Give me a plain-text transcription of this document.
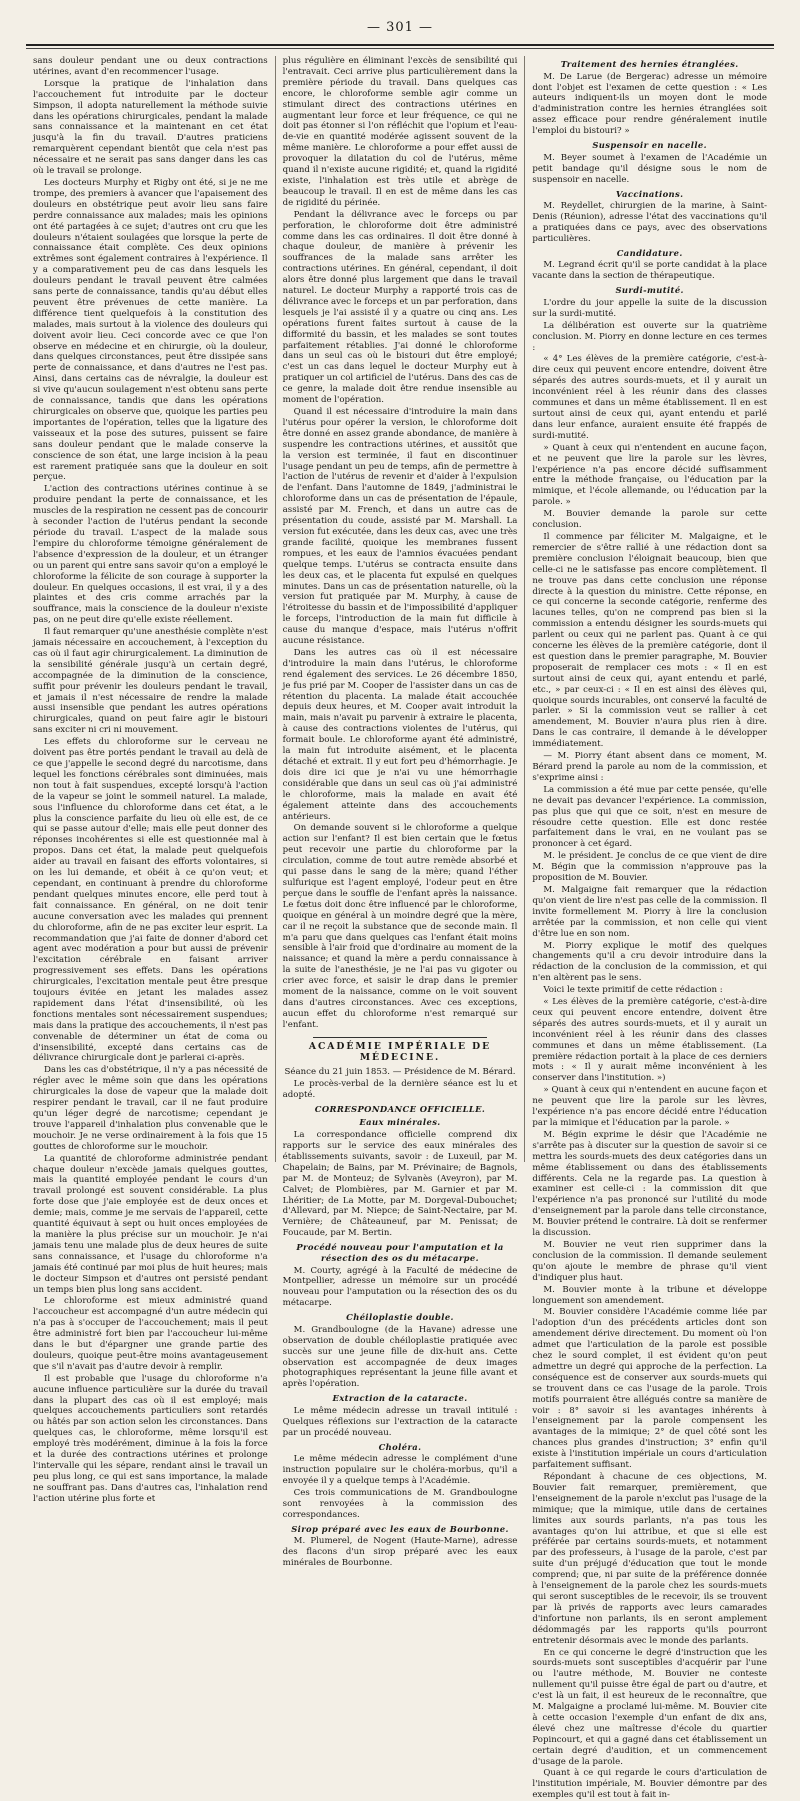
— 301 —

sans douleur pendant une ou deux contractions utérines, avant d'en recommencer l'usage.

Lorsque la pratique de l'inhalation dans l'accouchement fut introduite par le docteur Simpson, il adopta naturellement la méthode suivie dans les opérations chirurgicales, pendant la malade sans connaissance et la maintenant en cet état jusqu'à la fin du travail. D'autres praticiens remarquèrent cependant bientôt que cela n'est pas nécessaire et ne serait pas sans danger dans les cas où le travail se prolonge.

Les docteurs Murphy et Rigby ont été, si je ne me trompe, des premiers à avancer que l'apaisement des douleurs en obstétrique peut avoir lieu sans faire perdre connaissance aux malades; mais les opinions ont été partagées à ce sujet; d'autres ont cru que les douleurs n'étaient soulagées que lorsque la perte de connaissance était complète. Ces deux opinions extrêmes sont également contraires à l'expérience. Il y a comparativement peu de cas dans lesquels les douleurs pendant le travail peuvent être calmées sans perte de connaissance, tandis qu'au début elles peuvent être prévenues de cette manière. La différence tient quelquefois à la constitution des malades, mais surtout à la violence des douleurs qui doivent avoir lieu. Ceci concorde avec ce que l'on observe en médecine et en chirurgie, où la douleur, dans quelques circonstances, peut être dissipée sans perte de connaissance, et dans d'autres ne l'est pas. Ainsi, dans certains cas de névralgie, la douleur est si vive qu'aucun soulagement n'est obtenu sans perte de connaissance, tandis que dans les opérations chirurgicales on observe que, quoique les parties peu importantes de l'opération, telles que la ligature des vaisseaux et la pose des sutures, puissent se faire sans douleur pendant que le malade conserve la conscience de son état, une large incision à la peau est rarement pratiquée sans que la douleur en soit perçue.

L'action des contractions utérines continue à se produire pendant la perte de connaissance, et les muscles de la respiration ne cessent pas de concourir à seconder l'action de l'utérus pendant la seconde période du travail. L'aspect de la malade sous l'empire du chloroforme témoigne généralement de l'absence d'expression de la douleur, et un étranger ou un parent qui entre sans savoir qu'on a employé le chloroforme la félicite de son courage à supporter la douleur. En quelques occasions, il est vrai, il y a des plaintes et des cris comme arrachés par la souffrance, mais la conscience de la douleur n'existe pas, on ne peut dire qu'elle existe réellement.

Il faut remarquer qu'une anesthésie complète n'est jamais nécessaire en accouchement, à l'exception du cas où il faut agir chirurgicalement. La diminution de la sensibilité générale jusqu'à un certain degré, accompagnée de la diminution de la conscience, suffit pour prévenir les douleurs pendant le travail, et jamais il n'est nécessaire de rendre la malade aussi insensible que pendant les autres opérations chirurgicales, quand on peut faire agir le bistouri sans exciter ni cri ni mouvement.

Les effets du chloroforme sur le cerveau ne doivent pas être portés pendant le travail au delà de ce que j'appelle le second degré du narcotisme, dans lequel les fonctions cérébrales sont diminuées, mais non tout à fait suspendues, excepté lorsqu'à l'action de la vapeur se joint le sommeil naturel. La malade, sous l'influence du chloroforme dans cet état, a le plus la conscience parfaite du lieu où elle est, de ce qui se passe autour d'elle; mais elle peut donner des réponses incohérentes si elle est questionnée mal à propos. Dans cet état, la malade peut quelquefois aider au travail en faisant des efforts volontaires, si on les lui demande, et obéit à ce qu'on veut; et cependant, en continuant à prendre du chloroforme pendant quelques minutes encore, elle perd tout à fait connaissance. En général, on ne doit tenir aucune conversation avec les malades qui prennent du chloroforme, afin de ne pas exciter leur esprit. La recommandation que j'ai faite de donner d'abord cet agent avec modération a pour but aussi de prévenir l'excitation cérébrale en faisant arriver progressivement ses effets. Dans les opérations chirurgicales, l'excitation mentale peut être presque toujours évitée en jetant les malades assez rapidement dans l'état d'insensibilité, où les fonctions mentales sont nécessairement suspendues; mais dans la pratique des accouchements, il n'est pas convenable de déterminer un état de coma ou d'insensibilité, excepté dans certains cas de délivrance chirurgicale dont je parlerai ci-après.

Dans les cas d'obstétrique, il n'y a pas nécessité de régler avec le même soin que dans les opérations chirurgicales la dose de vapeur que la malade doit respirer pendant le travail, car il ne faut produire qu'un léger degré de narcotisme; cependant je trouve l'appareil d'inhalation plus convenable que le mouchoir. Je ne verse ordinairement à la fois que 15 gouttes de chloroforme sur le mouchoir.

La quantité de chloroforme administrée pendant chaque douleur n'excède jamais quelques gouttes, mais la quantité employée pendant le cours d'un travail prolongé est souvent considérable. La plus forte dose que j'aie employée est de deux onces et demie; mais, comme je me servais de l'appareil, cette quantité équivaut à sept ou huit onces employées de la manière la plus précise sur un mouchoir. Je n'ai jamais tenu une malade plus de deux heures de suite sans connaissance, et l'usage du chloroforme n'a jamais été continué par moi plus de huit heures; mais le docteur Simpson et d'autres ont persisté pendant un temps bien plus long sans accident.

Le chloroforme est mieux administré quand l'accoucheur est accompagné d'un autre médecin qui n'a pas à s'occuper de l'accouchement; mais il peut être administré fort bien par l'accoucheur lui-même dans le but d'épargner une grande partie des douleurs, quoique peut-être moins avantageusement que s'il n'avait pas d'autre devoir à remplir.

Il est probable que l'usage du chloroforme n'a aucune influence particulière sur la durée du travail dans la plupart des cas où il est employé; mais quelques accouchements particuliers sont retardés ou hâtés par son action selon les circonstances. Dans quelques cas, le chloroforme, même lorsqu'il est employé très modérément, diminue à la fois la force et la durée des contractions utérines et prolonge l'intervalle qui les sépare, rendant ainsi le travail un peu plus long, ce qui est sans importance, la malade ne souffrant pas. Dans d'autres cas, l'inhalation rend l'action utérine plus forte et

plus régulière en éliminant l'excès de sensibilité qui l'entravait. Ceci arrive plus particulièrement dans la première période du travail. Dans quelques cas encore, le chloroforme semble agir comme un stimulant direct des contractions utérines en augmentant leur force et leur fréquence, ce qui ne doit pas étonner si l'on réfléchit que l'opium et l'eau-de-vie en quantité modérée agissent souvent de la même manière. Le chloroforme a pour effet aussi de provoquer la dilatation du col de l'utérus, même quand il n'existe aucune rigidité; et, quand la rigidité existe, l'inhalation est très utile et abrège de beaucoup le travail. Il en est de même dans les cas de rigidité du périnée.

Pendant la délivrance avec le forceps ou par perforation, le chloroforme doit être administré comme dans les cas ordinaires. Il doit être donné à chaque douleur, de manière à prévenir les souffrances de la malade sans arrêter les contractions utérines. En général, cependant, il doit alors être donné plus largement que dans le travail naturel. Le docteur Murphy a rapporté trois cas de délivrance avec le forceps et un par perforation, dans lesquels je l'ai assisté il y a quatre ou cinq ans. Les opérations furent faites surtout à cause de la difformité du bassin, et les malades se sont toutes parfaitement rétablies. J'ai donné le chloroforme dans un seul cas où le bistouri dut être employé; c'est un cas dans lequel le docteur Murphy eut à pratiquer un col artificiel de l'utérus. Dans des cas de ce genre, la malade doit être rendue insensible au moment de l'opération.

Quand il est nécessaire d'introduire la main dans l'utérus pour opérer la version, le chloroforme doit être donné en assez grande abondance, de manière à suspendre les contractions utérines, et aussitôt que la version est terminée, il faut en discontinuer l'usage pendant un peu de temps, afin de permettre à l'action de l'utérus de revenir et d'aider à l'expulsion de l'enfant. Dans l'automne de 1849, j'administrai le chloroforme dans un cas de présentation de l'épaule, assisté par M. French, et dans un autre cas de présentation du coude, assisté par M. Marshall. La version fut exécutée, dans les deux cas, avec une très grande facilité, quoique les membranes fussent rompues, et les eaux de l'amnios évacuées pendant quelque temps. L'utérus se contracta ensuite dans les deux cas, et le placenta fut expulsé en quelques minutes. Dans un cas de présentation naturelle, où la version fut pratiquée par M. Murphy, à cause de l'étroitesse du bassin et de l'impossibilité d'appliquer le forceps, l'introduction de la main fut difficile à cause du manque d'espace, mais l'utérus n'offrit aucune résistance.

Dans les autres cas où il est nécessaire d'introduire la main dans l'utérus, le chloroforme rend également des services. Le 26 décembre 1850, je fus prié par M. Cooper de l'assister dans un cas de rétention du placenta. La malade était accouchée depuis deux heures, et M. Cooper avait introduit la main, mais n'avait pu parvenir à extraire le placenta, à cause des contractions violentes de l'utérus, qui formait boule. Le chloroforme ayant été administré, la main fut introduite aisément, et le placenta détaché et extrait. Il y eut fort peu d'hémorrhagie. Je dois dire ici que je n'ai vu une hémorrhagie considérable que dans un seul cas où j'ai administré le chloroforme, mais la malade en avait été également atteinte dans des accouchements antérieurs.

On demande souvent si le chloroforme a quelque action sur l'enfant? Il est bien certain que le fœtus peut recevoir une partie du chloroforme par la circulation, comme de tout autre remède absorbé et qui passe dans le sang de la mère; quand l'éther sulfurique est l'agent employé, l'odeur peut en être perçue dans le souffle de l'enfant après la naissance. Le fœtus doit donc être influencé par le chloroforme, quoique en général à un moindre degré que la mère, car il ne reçoit la substance que de seconde main. Il m'a paru que dans quelques cas l'enfant était moins sensible à l'air froid que d'ordinaire au moment de la naissance; et quand la mère a perdu connaissance à la suite de l'anesthésie, je ne l'ai pas vu gigoter ou crier avec force, et saisir le drap dans le premier moment de la naissance, comme on le voit souvent dans d'autres circonstances. Avec ces exceptions, aucun effet du chloroforme n'est remarqué sur l'enfant.

ACADÉMIE IMPÉRIALE DE MÉDECINE.

Séance du 21 juin 1853. — Présidence de M. Bérard.

Le procès-verbal de la dernière séance est lu et adopté.

CORRESPONDANCE OFFICIELLE.
Eaux minérales.

La correspondance officielle comprend dix rapports sur le service des eaux minérales des établissements suivants, savoir : de Luxeuil, par M. Chapelain; de Bains, par M. Prévinaire; de Bagnols, par M. de Monteuz; de Sylvanès (Aveyron), par M. Calvet; de Plombières, par M. Garnier et par M. Lhéritier; de La Motte, par M. Dorgeval-Dubouchet; d'Allevard, par M. Niepce; de Saint-Nectaire, par M. Vernière; de Châteauneuf, par M. Penissat; de Foucaude, par M. Bertin.

Procédé nouveau pour l'amputation et la résection des os du métacarpe.

M. Courty, agrégé à la Faculté de médecine de Montpellier, adresse un mémoire sur un procédé nouveau pour l'amputation ou la résection des os du métacarpe.

Chéiloplastie double.

M. Grandboulogne (de la Havane) adresse une observation de double chéiloplastie pratiquée avec succès sur une jeune fille de dix-huit ans. Cette observation est accompagnée de deux images photographiques représentant la jeune fille avant et après l'opération.

Extraction de la cataracte.

Le même médecin adresse un travail intitulé : Quelques réflexions sur l'extraction de la cataracte par un procédé nouveau.

Choléra.

Le même médecin adresse le complément d'une instruction populaire sur le choléra-morbus, qu'il a envoyée il y a quelque temps à l'Académie.

Ces trois communications de M. Grandboulogne sont renvoyées à la commission des correspondances.

Sirop préparé avec les eaux de Bourbonne.

M. Plumerel, de Nogent (Haute-Marne), adresse des flacons d'un sirop préparé avec les eaux minérales de Bourbonne.

Traitement des hernies étranglées.

M. De Larue (de Bergerac) adresse un mémoire dont l'objet est l'examen de cette question : « Les auteurs indiquent-ils un moyen dont le mode d'administration contre les hernies étranglées soit assez efficace pour rendre généralement inutile l'emploi du bistouri? »

Suspensoir en nacelle.

M. Beyer soumet à l'examen de l'Académie un petit bandage qu'il désigne sous le nom de suspensoir en nacelle.

Vaccinations.

M. Reydellet, chirurgien de la marine, à Saint-Denis (Réunion), adresse l'état des vaccinations qu'il a pratiquées dans ce pays, avec des observations particulières.

Candidature.

M. Legrand écrit qu'il se porte candidat à la place vacante dans la section de thérapeutique.

Surdi-mutité.

L'ordre du jour appelle la suite de la discussion sur la surdi-mutité.

La délibération est ouverte sur la quatrième conclusion. M. Piorry en donne lecture en ces termes :

« 4° Les élèves de la première catégorie, c'est-à-dire ceux qui peuvent encore entendre, doivent être séparés des autres sourds-muets, et il y aurait un inconvénient réel à les réunir dans des classes communes et dans un même établissement. Il en est surtout ainsi de ceux qui, ayant entendu et parlé dans leur enfance, auraient ensuite été frappés de surdi-mutité.

» Quant à ceux qui n'entendent en aucune façon, et ne peuvent que lire la parole sur les lèvres, l'expérience n'a pas encore décidé suffisamment entre la méthode française, ou l'éducation par la mimique, et l'école allemande, ou l'éducation par la parole. »

M. Bouvier demande la parole sur cette conclusion.

Il commence par féliciter M. Malgaigne, et le remercier de s'être rallié à une rédaction dont sa première conclusion l'éloignait beaucoup, bien que celle-ci ne le satisfasse pas encore complètement. Il ne trouve pas dans cette conclusion une réponse directe à la question du ministre. Cette réponse, en ce qui concerne la seconde catégorie, renferme des lacunes telles, qu'on ne comprend pas bien si la commission a entendu désigner les sourds-muets qui parlent ou ceux qui ne parlent pas. Quant à ce qui concerne les élèves de la première catégorie, dont il est question dans le premier paragraphe, M. Bouvier proposerait de remplacer ces mots : « Il en est surtout ainsi de ceux qui, ayant entendu et parlé, etc., » par ceux-ci : « Il en est ainsi des élèves qui, quoique sourds incurables, ont conservé la faculté de parler. » Si la commission veut se rallier à cet amendement, M. Bouvier n'aura plus rien à dire. Dans le cas contraire, il demande à le développer immédiatement.

— M. Piorry étant absent dans ce moment, M. Bérard prend la parole au nom de la commission, et s'exprime ainsi :

La commission a été mue par cette pensée, qu'elle ne devait pas devancer l'expérience. La commission, pas plus que qui que ce soit, n'est en mesure de résoudre cette question. Elle est donc restée parfaitement dans le vrai, en ne voulant pas se prononcer à cet égard.

M. le président. Je conclus de ce que vient de dire M. Bégin que la commission n'approuve pas la proposition de M. Bouvier.

M. Malgaigne fait remarquer que la rédaction qu'on vient de lire n'est pas celle de la commission. Il invite formellement M. Piorry à lire la conclusion arrêtée par la commission, et non celle qui vient d'être lue en son nom.

M. Piorry explique le motif des quelques changements qu'il a cru devoir introduire dans la rédaction de la conclusion de la commission, et qui n'en altèrent pas le sens.

Voici le texte primitif de cette rédaction :

« Les élèves de la première catégorie, c'est-à-dire ceux qui peuvent encore entendre, doivent être séparés des autres sourds-muets, et il y aurait un inconvénient réel à les réunir dans des classes communes et dans un même établissement. (La première rédaction portait à la place de ces derniers mots : « Il y aurait même inconvénient à les conserver dans l'institution. »)

» Quant à ceux qui n'entendent en aucune façon et ne peuvent que lire la parole sur les lèvres, l'expérience n'a pas encore décidé entre l'éducation par la mimique et l'éducation par la parole. »

M. Bégin exprime le désir que l'Académie ne s'arrête pas à discuter sur la question de savoir si ce mettra les sourds-muets des deux catégories dans un même établissement ou dans des établissements différents. Cela ne la regarde pas. La question à examiner est celle-ci : la commission dit que l'expérience n'a pas prononcé sur l'utilité du mode d'enseignement par la parole dans telle circonstance, M. Bouvier prétend le contraire. Là doit se renfermer la discussion.

M. Bouvier ne veut rien supprimer dans la conclusion de la commission. Il demande seulement qu'on ajoute le membre de phrase qu'il vient d'indiquer plus haut.

M. Bouvier monte à la tribune et développe longuement son amendement.

M. Bouvier considère l'Académie comme liée par l'adoption d'un des précédents articles dont son amendement dérive directement. Du moment où l'on admet que l'articulation de la parole est possible chez le sourd complet, il est évident qu'on peut admettre un degré qui approche de la perfection. La conséquence est de conserver aux sourds-muets qui se trouvent dans ce cas l'usage de la parole. Trois motifs pourraient être allégués contre sa manière de voir : 8° savoir si les avantages inhérents à l'enseignement par la parole compensent les avantages de la mimique; 2° de quel côté sont les chances plus grandes d'instruction; 3° enfin qu'il existe à l'institution impériale un cours d'articulation parfaitement suffisant.

Répondant à chacune de ces objections, M. Bouvier fait remarquer, premièrement, que l'enseignement de la parole n'exclut pas l'usage de la mimique; que la mimique, utile dans de certaines limites aux sourds parlants, n'a pas tous les avantages qu'on lui attribue, et que si elle est préférée par certains sourds-muets, et notamment par des professeurs, à l'usage de la parole, c'est par suite d'un préjugé d'éducation que tout le monde comprend; que, ni par suite de la préférence donnée à l'enseignement de la parole chez les sourds-muets qui seront susceptibles de le recevoir, ils se trouvent par là privés de rapports avec leurs camarades d'infortune non parlants, ils en seront amplement dédommagés par les rapports qu'ils pourront entretenir désormais avec le monde des parlants.

En ce qui concerne le degré d'instruction que les sourds-muets sont susceptibles d'acquérir par l'une ou l'autre méthode, M. Bouvier ne conteste nullement qu'il puisse être égal de part ou d'autre, et c'est là un fait, il est heureux de le reconnaître, que M. Malgaigne a proclamé lui-même. M. Bouvier cite à cette occasion l'exemple d'un enfant de dix ans, élevé chez une maîtresse d'école du quartier Popincourt, et qui a gagné dans cet établissement un certain degré d'audition, et un commencement d'usage de la parole.

Quant à ce qui regarde le cours d'articulation de l'institution impériale, M. Bouvier démontre par des exemples qu'il est tout à fait in-
